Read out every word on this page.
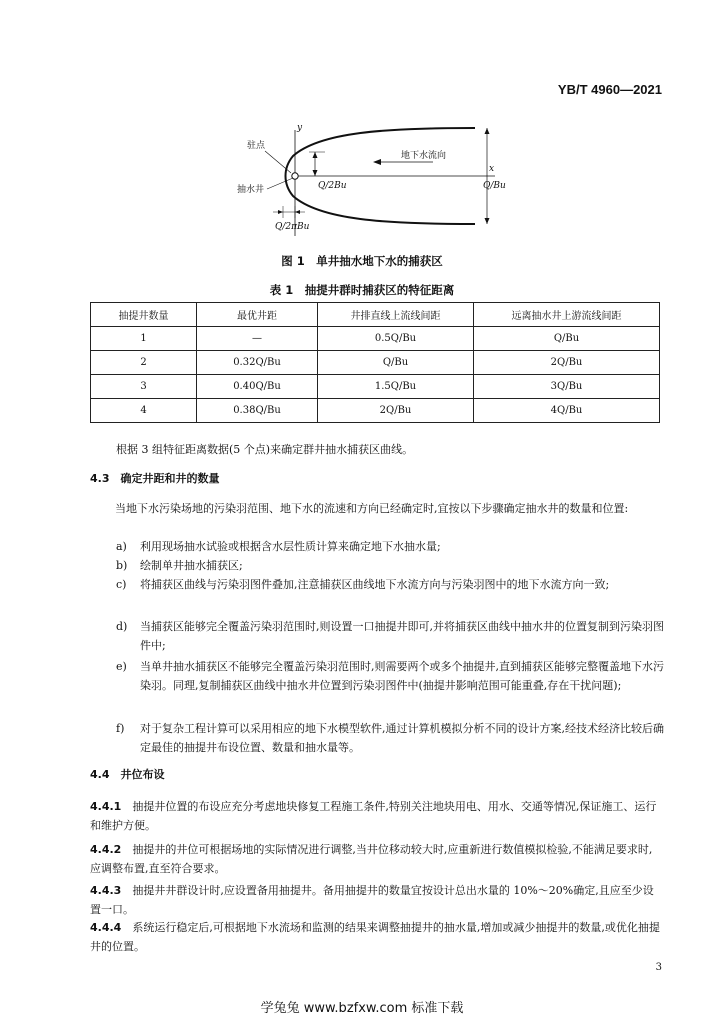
YB/T 4960—2021
y
x
驻点
抽水井
地下水流向
Q/2Bu	Q/Bu
Q/2πBu
图 1　单井抽水地下水的捕获区
表 1　抽提井群时捕获区的特征距离
抽提井数量	最优井距	井排直线上流线间距	远离抽水井上游流线间距
1	—	0.5Q/Bu	Q/Bu
2	0.32Q/Bu	Q/Bu	2Q/Bu
3	0.40Q/Bu	1.5Q/Bu	3Q/Bu
4	0.38Q/Bu	2Q/Bu	4Q/Bu
根据 3 组特征距离数据(5 个点)来确定群井抽水捕获区曲线。
4.3　确定井距和井的数量
当地下水污染场地的污染羽范围、地下水的流速和方向已经确定时,宜按以下步骤确定抽水井的数量和位置:
a) 利用现场抽水试验或根据含水层性质计算来确定地下水抽水量;
b) 绘制单井抽水捕获区;
c) 将捕获区曲线与污染羽图件叠加,注意捕获区曲线地下水流方向与污染羽图中的地下水流方向一致;
d) 当捕获区能够完全覆盖污染羽范围时,则设置一口抽提井即可,并将捕获区曲线中抽水井的位置复制到污染羽图件中;
e) 当单井抽水捕获区不能够完全覆盖污染羽范围时,则需要两个或多个抽提井,直到捕获区能够完整覆盖地下水污染羽。同理,复制捕获区曲线中抽水井位置到污染羽图件中(抽提井影响范围可能重叠,存在干扰问题);
f) 对于复杂工程计算可以采用相应的地下水模型软件,通过计算机模拟分析不同的设计方案,经技术经济比较后确定最佳的抽提井布设位置、数量和抽水量等。
4.4　井位布设
4.4.1　 抽提井位置的布设应充分考虑地块修复工程施工条件,特别关注地块用电、用水、交通等情况,保证施工、运行和维护方便。
4.4.2　 抽提井的井位可根据场地的实际情况进行调整,当井位移动较大时,应重新进行数值模拟检验,不能满足要求时,应调整布置,直至符合要求。
4.4.3　 抽提井井群设计时,应设置备用抽提井。备用抽提井的数量宜按设计总出水量的 10%～20%确定,且应至少设置一口。
4.4.4　 系统运行稳定后,可根据地下水流场和监测的结果来调整抽提井的抽水量,增加或减少抽提井的数量,或优化抽提井的位置。
3
学兔兔 www.bzfxw.com 标准下载
